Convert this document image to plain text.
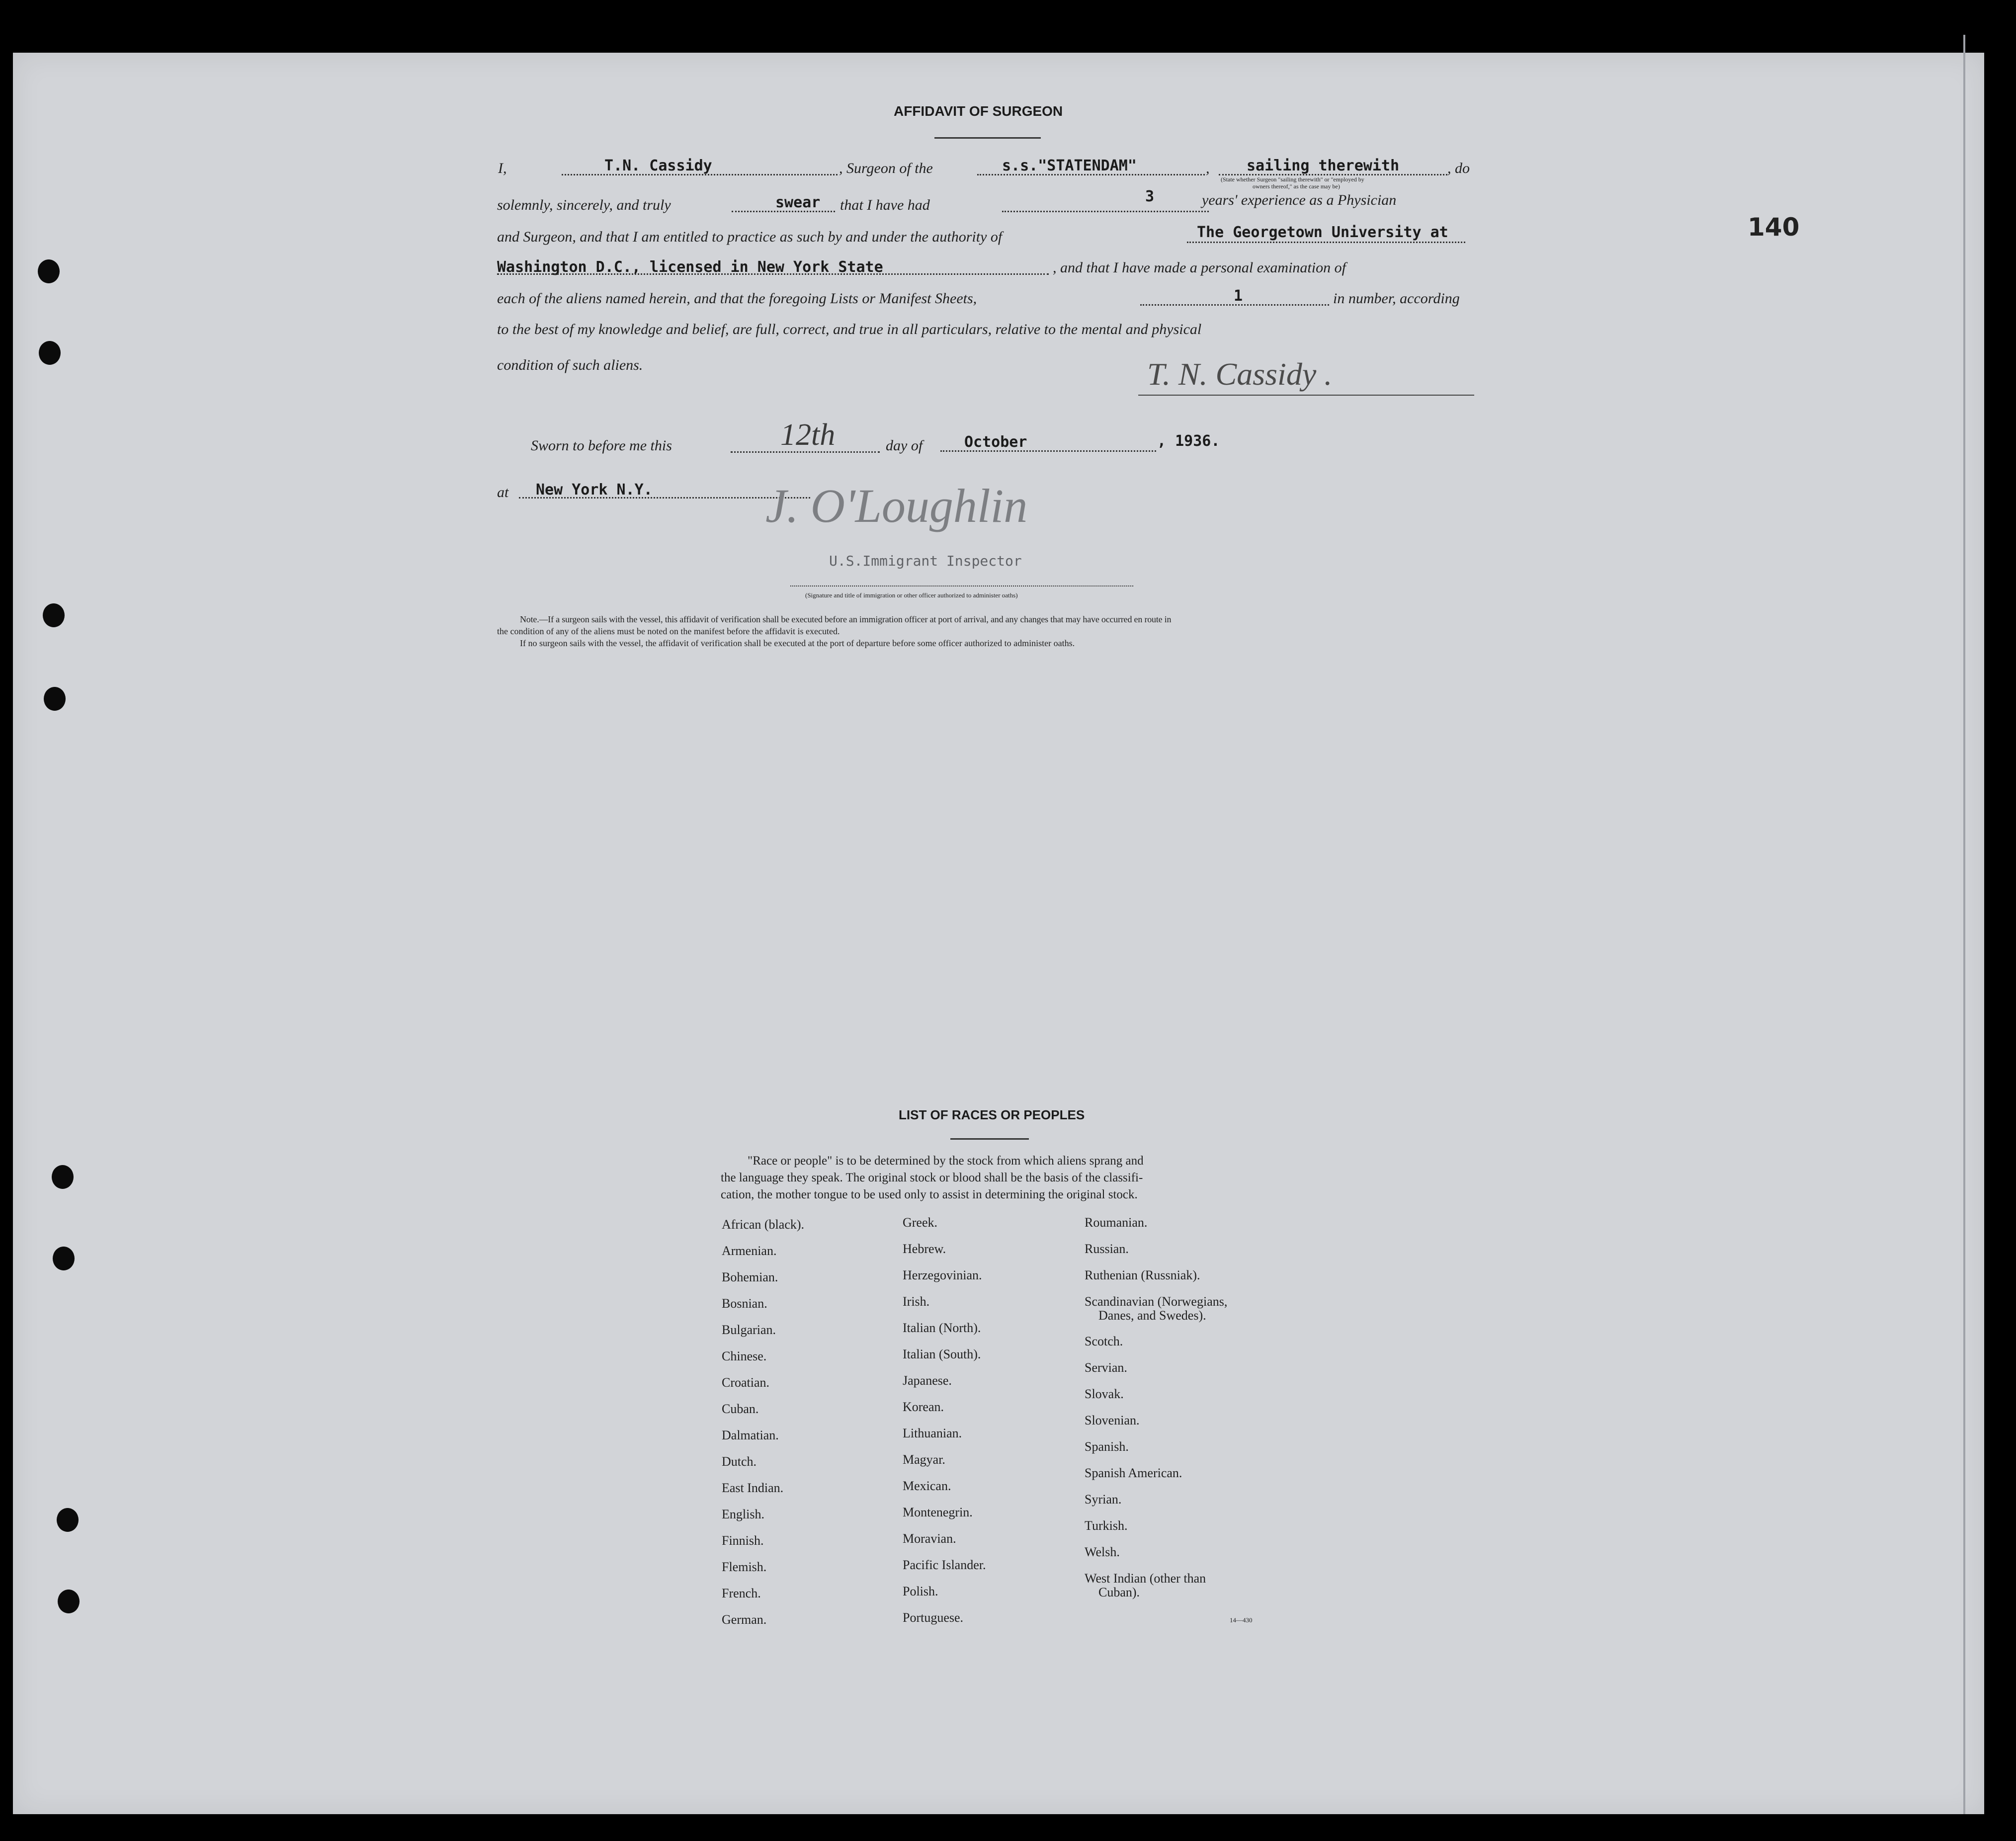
140
AFFIDAVIT OF SURGEON
I,	T.N. Cassidy	, Surgeon of the	s.s."STATENDAM"	, sailing therewith	, do
(State whether Surgeon "sailing therewith" or "employed by
owners thereof," as the case may be)
solemnly, sincerely, and truly	swear that I have had	3	years' experience as a Physician
and Surgeon, and that I am entitled to practice as such by and under the authority of	The Georgetown University at
Washington D.C., licensed in New York State	, and that I have made a personal examination of
each of the aliens named herein, and that the foregoing Lists or Manifest Sheets,	1	in number, according
to the best of my knowledge and belief, are full, correct, and true in all particulars, relative to the mental and physical
condition of such aliens.	T. N. Cassidy .
Sworn to before me this	12th	day of	October	, 1936.
at New York N.Y. J. O'Loughlin
U.S.Immigrant Inspector
(Signature and title of immigration or other officer authorized to administer oaths)
Note.—If a surgeon sails with the vessel, this affidavit of verification shall be executed before an immigration officer at port of arrival, and any changes that may have occurred en route in
the condition of any of the aliens must be noted on the manifest before the affidavit is executed.
If no surgeon sails with the vessel, the affidavit of verification shall be executed at the port of departure before some officer authorized to administer oaths.
LIST OF RACES OR PEOPLES
"Race or people" is to be determined by the stock from which aliens sprang and
the language they speak. The original stock or blood shall be the basis of the classifi-
cation, the mother tongue to be used only to assist in determining the original stock.
African (black).
Armenian.
Bohemian.
Bosnian.
Bulgarian.
Chinese.
Croatian.
Cuban.
Dalmatian.
Dutch.
East Indian.
English.
Finnish.
Flemish.
French.
German.
Greek.
Hebrew.
Herzegovinian.
Irish.
Italian (North).
Italian (South).
Japanese.
Korean.
Lithuanian.
Magyar.
Mexican.
Montenegrin.
Moravian.
Pacific Islander.
Polish.
Portuguese.
Roumanian.
Russian.
Ruthenian (Russniak).
Scandinavian (Norwegians,
Danes, and Swedes).
Scotch.
Servian.
Slovak.
Slovenian.
Spanish.
Spanish American.
Syrian.
Turkish.
Welsh.
West Indian (other than
Cuban).
14—430
